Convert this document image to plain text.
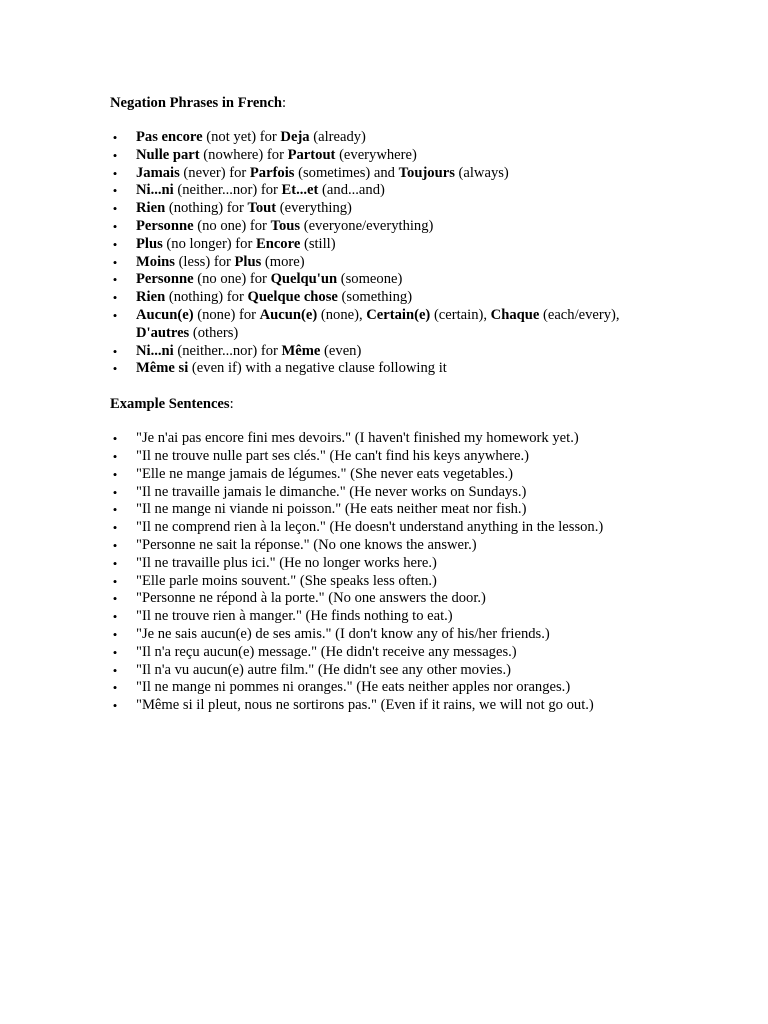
Negation Phrases in French:

• Pas encore (not yet) for Deja (already)
• Nulle part (nowhere) for Partout (everywhere)
• Jamais (never) for Parfois (sometimes) and Toujours (always)
• Ni...ni (neither...nor) for Et...et (and...and)
• Rien (nothing) for Tout (everything)
• Personne (no one) for Tous (everyone/everything)
• Plus (no longer) for Encore (still)
• Moins (less) for Plus (more)
• Personne (no one) for Quelqu'un (someone)
• Rien (nothing) for Quelque chose (something)
• Aucun(e) (none) for Aucun(e) (none), Certain(e) (certain), Chaque (each/every), D'autres (others)
• Ni...ni (neither...nor) for Même (even)
• Même si (even if) with a negative clause following it

Example Sentences:

• "Je n'ai pas encore fini mes devoirs." (I haven't finished my homework yet.)
• "Il ne trouve nulle part ses clés." (He can't find his keys anywhere.)
• "Elle ne mange jamais de légumes." (She never eats vegetables.)
• "Il ne travaille jamais le dimanche." (He never works on Sundays.)
• "Il ne mange ni viande ni poisson." (He eats neither meat nor fish.)
• "Il ne comprend rien à la leçon." (He doesn't understand anything in the lesson.)
• "Personne ne sait la réponse." (No one knows the answer.)
• "Il ne travaille plus ici." (He no longer works here.)
• "Elle parle moins souvent." (She speaks less often.)
• "Personne ne répond à la porte." (No one answers the door.)
• "Il ne trouve rien à manger." (He finds nothing to eat.)
• "Je ne sais aucun(e) de ses amis." (I don't know any of his/her friends.)
• "Il n'a reçu aucun(e) message." (He didn't receive any messages.)
• "Il n'a vu aucun(e) autre film." (He didn't see any other movies.)
• "Il ne mange ni pommes ni oranges." (He eats neither apples nor oranges.)
• "Même si il pleut, nous ne sortirons pas." (Even if it rains, we will not go out.)
